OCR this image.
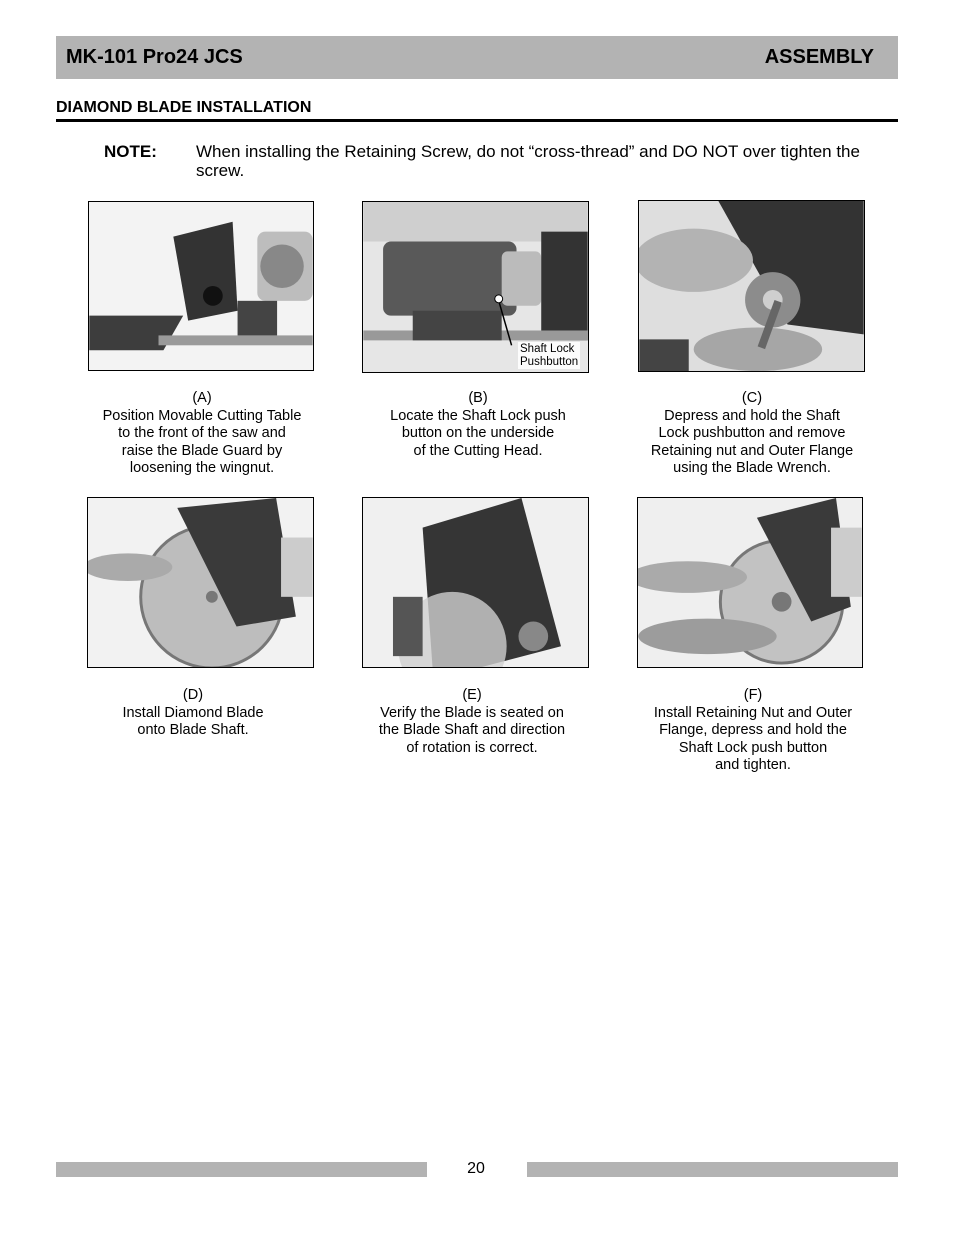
MK-101 Pro24 JCS	ASSEMBLY
DIAMOND BLADE INSTALLATION
NOTE: When installing the Retaining Screw, do not “cross-thread” and DO NOT over tighten the screw.
(A)
Position Movable Cutting Table
to the front of the saw and
raise the Blade Guard by
loosening the wingnut.
Shaft Lock
Pushbutton
(B)
Locate the Shaft Lock push
button on the underside
of the Cutting Head.
(C)
Depress and hold the Shaft
Lock pushbutton and remove
Retaining nut and Outer Flange
using the Blade Wrench.
(D)
Install Diamond Blade
onto Blade Shaft.
(E)
Verify the Blade is seated on
the Blade Shaft and direction
of rotation is correct.
(F)
Install Retaining Nut and Outer
Flange, depress and hold the
Shaft Lock push button
and tighten.
20
